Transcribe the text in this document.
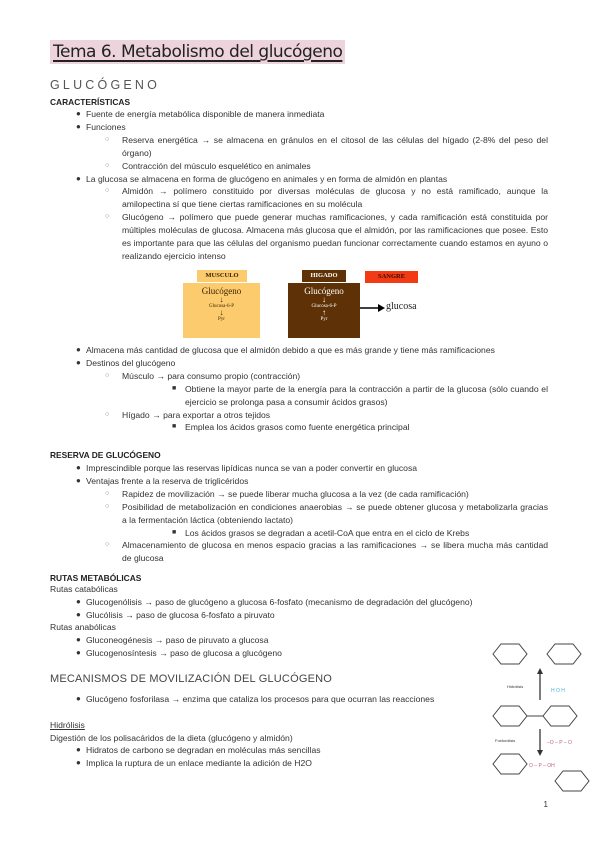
Tema 6. Metabolismo del glucógeno
GLUCÓGENO
CARACTERÍSTICAS
● Fuente de energía metabólica disponible de manera inmediata
● Funciones
○ Reserva energética → se almacena en gránulos en el citosol de las células del hígado (2-8% del peso del órgano)
○ Contracción del músculo esquelético en animales
● La glucosa se almacena en forma de glucógeno en animales y en forma de almidón en plantas
○ Almidón → polímero constituido por diversas moléculas de glucosa y no está ramificado, aunque la amilopectina sí que tiene ciertas ramificaciones en su molécula
○ Glucógeno → polímero que puede generar muchas ramificaciones, y cada ramificación está constituida por múltiples moléculas de glucosa. Almacena más glucosa que el almidón, por las ramificaciones que posee. Esto es importante para que las células del organismo puedan funcionar correctamente cuando estamos en ayuno o realizando ejercicio intenso
MUSCULO
Glucógeno
↓
Glucosa-6-P
↓
Pyr
HIGADO
Glucógeno
↓
Glucosa-6-P
↑
Pyr
SANGRE
glucosa
● Almacena más cantidad de glucosa que el almidón debido a que es más grande y tiene más ramificaciones
● Destinos del glucógeno
○ Músculo → para consumo propio (contracción)
■ Obtiene la mayor parte de la energía para la contracción a partir de la glucosa (sólo cuando el ejercicio se prolonga pasa a consumir ácidos grasos)
○ Hígado → para exportar a otros tejidos
■ Emplea los ácidos grasos como fuente energética principal
RESERVA DE GLUCÓGENO
● Imprescindible porque las reservas lipídicas nunca se van a poder convertir en glucosa
● Ventajas frente a la reserva de triglicéridos
○ Rapidez de movilización → se puede liberar mucha glucosa a la vez (de cada ramificación)
○ Posibilidad de metabolización en condiciones anaerobias → se puede obtener glucosa y metabolizarla gracias a la fermentación láctica (obteniendo lactato)
■ Los ácidos grasos se degradan a acetil-CoA que entra en el ciclo de Krebs
○ Almacenamiento de glucosa en menos espacio gracias a las ramificaciones → se libera mucha más cantidad de glucosa
RUTAS METABÓLICAS
Rutas catabólicas
● Glucogenólisis → paso de glucógeno a glucosa 6-fosfato (mecanismo de degradación del glucógeno)
● Glucólisis → paso de glucosa 6-fosfato a piruvato
Rutas anabólicas
● Gluconeogénesis → paso de piruvato a glucosa
● Glucogenosíntesis → paso de glucosa a glucógeno
MECANISMOS DE MOVILIZACIÓN DEL GLUCÓGENO
● Glucógeno fosforilasa → enzima que cataliza los procesos para que ocurran las reacciones
Hidrólisis
Digestión de los polisacáridos de la dieta (glucógeno y almidón)
● Hidratos de carbono se degradan en moléculas más sencillas
● Implica la ruptura de un enlace mediante la adición de H2O
Hidrólisis
Fosforólisis
H O H
–O – P – O
O – P – OH
1
